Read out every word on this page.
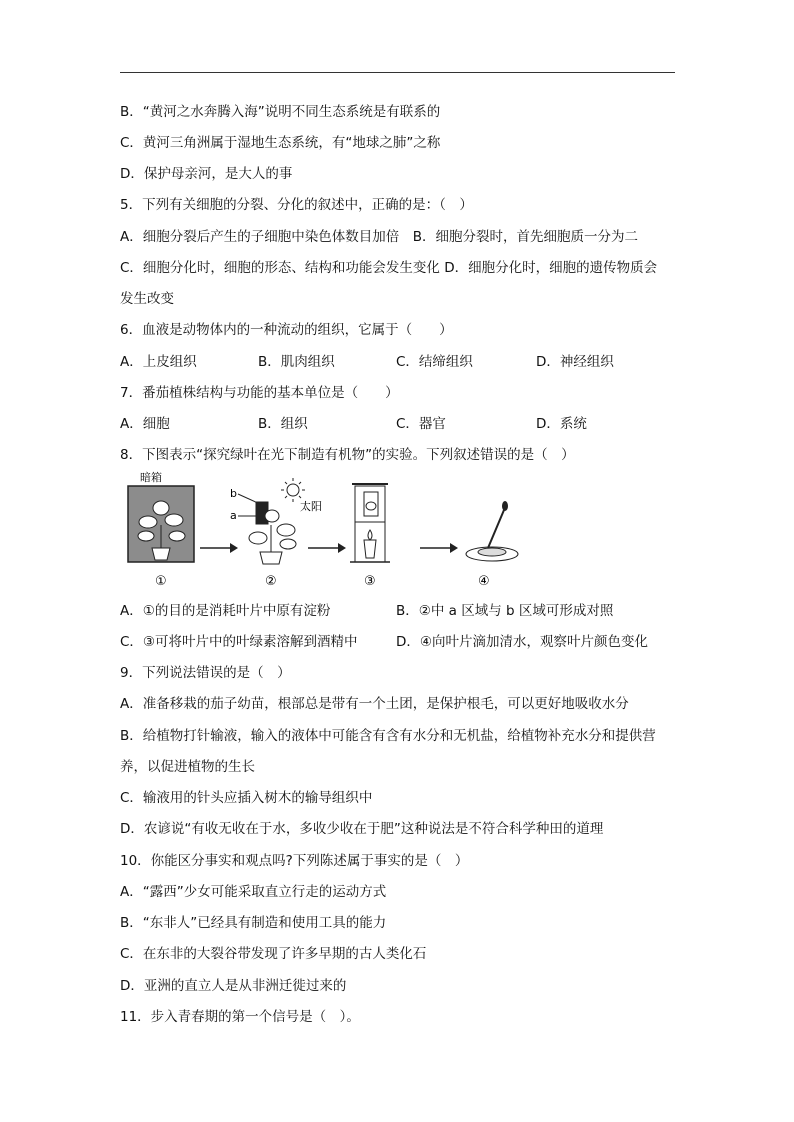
B．“黄河之水奔腾入海”说明不同生态系统是有联系的
C．黄河三角洲属于湿地生态系统，有“地球之肺”之称
D．保护母亲河，是大人的事
5．下列有关细胞的分裂、分化的叙述中，正确的是：（　）
A．细胞分裂后产生的子细胞中染色体数目加倍　B．细胞分裂时，首先细胞质一分为二
C．细胞分化时，细胞的形态、结构和功能会发生变化 D．细胞分化时，细胞的遗传物质会
发生改变
6．血液是动物体内的一种流动的组织，它属于（　　）
A．上皮组织	B．肌肉组织	C．结缔组织	D．神经组织
7．番茄植株结构与功能的基本单位是（　　）
A．细胞	B．组织	C．器官	D．系统
8．下图表示“探究绿叶在光下制造有机物”的实验。下列叙述错误的是（　）
暗箱
太阳
b
a
①	②	③	④
A．①的目的是消耗叶片中原有淀粉	B．②中 a 区域与 b 区域可形成对照
C．③可将叶片中的叶绿素溶解到酒精中	D．④向叶片滴加清水，观察叶片颜色变化
9．下列说法错误的是（　）
A．准备移栽的茄子幼苗，根部总是带有一个土团，是保护根毛，可以更好地吸收水分
B．给植物打针输液，输入的液体中可能含有含有水分和无机盐，给植物补充水分和提供营
养，以促进植物的生长
C．输液用的针头应插入树木的输导组织中
D．农谚说“有收无收在于水，多收少收在于肥”这种说法是不符合科学种田的道理
10．你能区分事实和观点吗?下列陈述属于事实的是（　）
A．“露西”少女可能采取直立行走的运动方式
B．“东非人”已经具有制造和使用工具的能力
C．在东非的大裂谷带发现了许多早期的古人类化石
D．亚洲的直立人是从非洲迁徙过来的
11．步入青春期的第一个信号是（　）。
